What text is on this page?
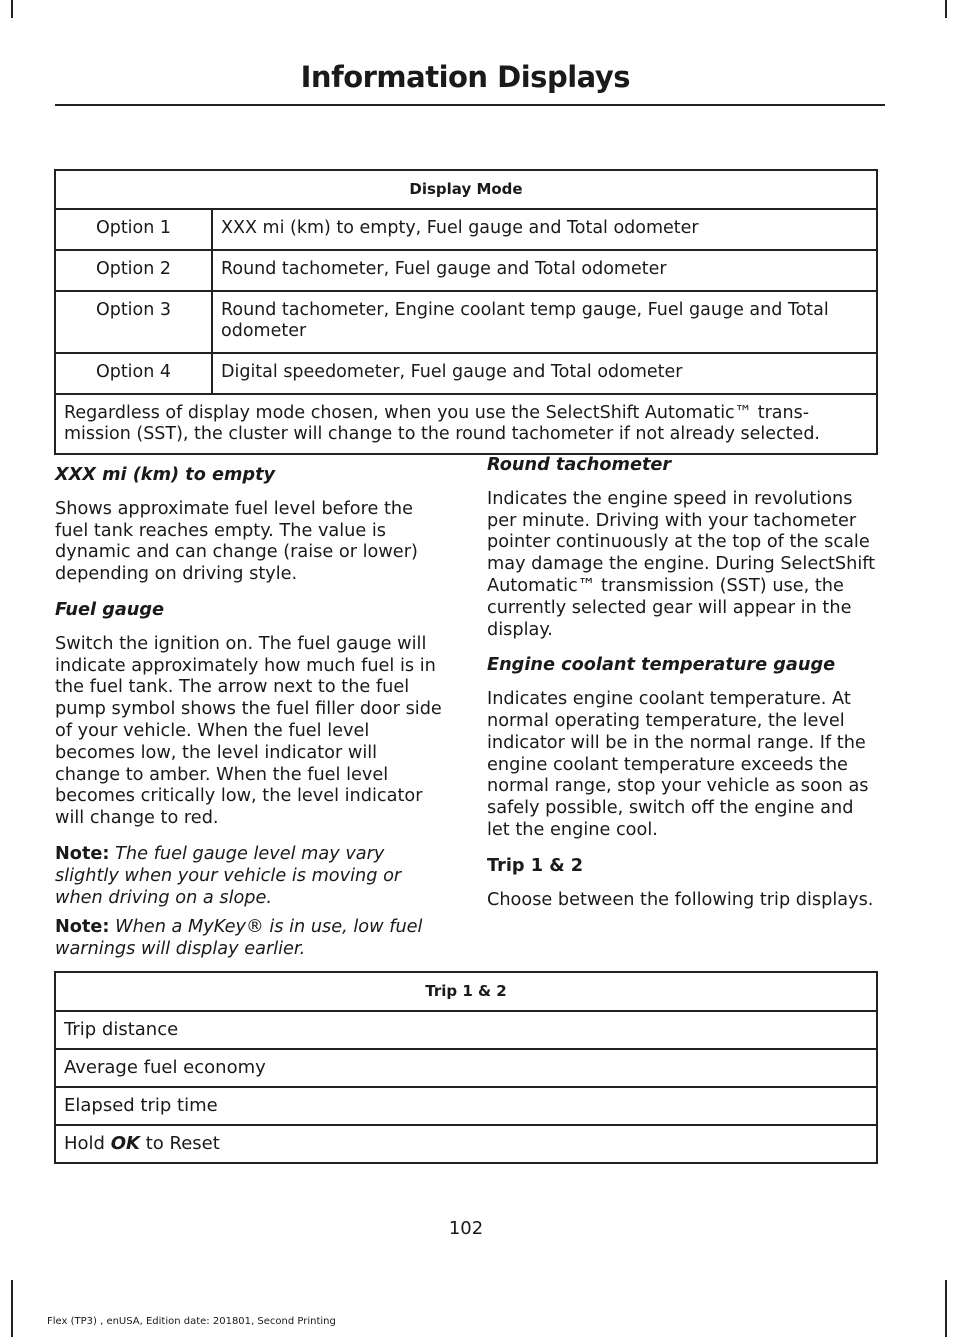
Information Displays
Display Mode	
Option 1	XXX mi (km) to empty, Fuel gauge and Total odometer
Option 2	Round tachometer, Fuel gauge and Total odometer
Option 3	Round tachometer, Engine coolant temp gauge, Fuel gauge and Total odometer
Option 4	Digital speedometer, Fuel gauge and Total odometer
Regardless of display mode chosen, when you use the SelectShift Automatic™ trans-mission (SST), the cluster will change to the round tachometer if not already selected.	
XXX mi (km) to empty

Shows approximate fuel level before the fuel tank reaches empty. The value is dynamic and can change (raise or lower) depending on driving style.

Fuel gauge

Switch the ignition on. The fuel gauge will indicate approximately how much fuel is in the fuel tank. The arrow next to the fuel pump symbol shows the fuel filler door side of your vehicle. When the fuel level becomes low, the level indicator will change to amber. When the fuel level becomes critically low, the level indicator will change to red.

Note: The fuel gauge level may vary slightly when your vehicle is moving or when driving on a slope.

Note: When a MyKey® is in use, low fuel warnings will display earlier.

Round tachometer

Indicates the engine speed in revolutions per minute. Driving with your tachometer pointer continuously at the top of the scale may damage the engine. During SelectShift Automatic™ transmission (SST) use, the currently selected gear will appear in the display.

Engine coolant temperature gauge

Indicates engine coolant temperature. At normal operating temperature, the level indicator will be in the normal range. If the engine coolant temperature exceeds the normal range, stop your vehicle as soon as safely possible, switch off the engine and let the engine cool.

Trip 1 & 2

Choose between the following trip displays.

Trip 1 & 2
Trip distance
Average fuel economy
Elapsed trip time
Hold OK to Reset
102
Flex (TP3) , enUSA, Edition date: 201801, Second Printing
